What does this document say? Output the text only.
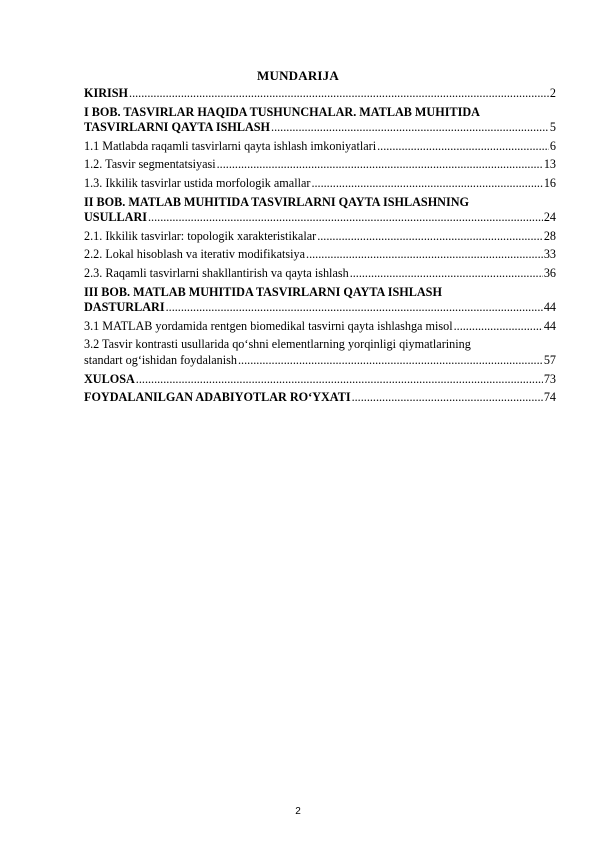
MUNDARIJA
KIRISH .....	2
I BOB. TASVIRLAR HAQIDA TUSHUNCHALAR. MATLAB MUHITIDA
TASVIRLARNI QAYTA ISHLASH .....	5
1.1 Matlabda raqamli tasvirlarni qayta ishlash imkoniyatlari .....	6
1.2. Tasvir segmentatsiyasi .....	13
1.3. Ikkilik tasvirlar ustida morfologik amallar .....	16
II BOB. MATLAB MUHITIDA TASVIRLARNI QAYTA ISHLASHNING
USULLARI .....	24
2.1. Ikkilik tasvirlar: topologik xarakteristikalar .....	28
2.2. Lokal hisoblash va iterativ modifikatsiya .....	33
2.3. Raqamli tasvirlarni shakllantirish va qayta ishlash .....	36
III BOB. MATLAB MUHITIDA TASVIRLARNI QAYTA ISHLASH
DASTURLARI .....	44
3.1 MATLAB yordamida rentgen biomedikal tasvirni qayta ishlashga misol .....	44
3.2 Tasvir kontrasti usullarida qo‘shni elementlarning yorqinligi qiymatlarining
standart og‘ishidan foydalanish .....	57
XULOSA .....	73
FOYDALANILGAN ADABIYOTLAR RO‘YXATI .....	74
2
